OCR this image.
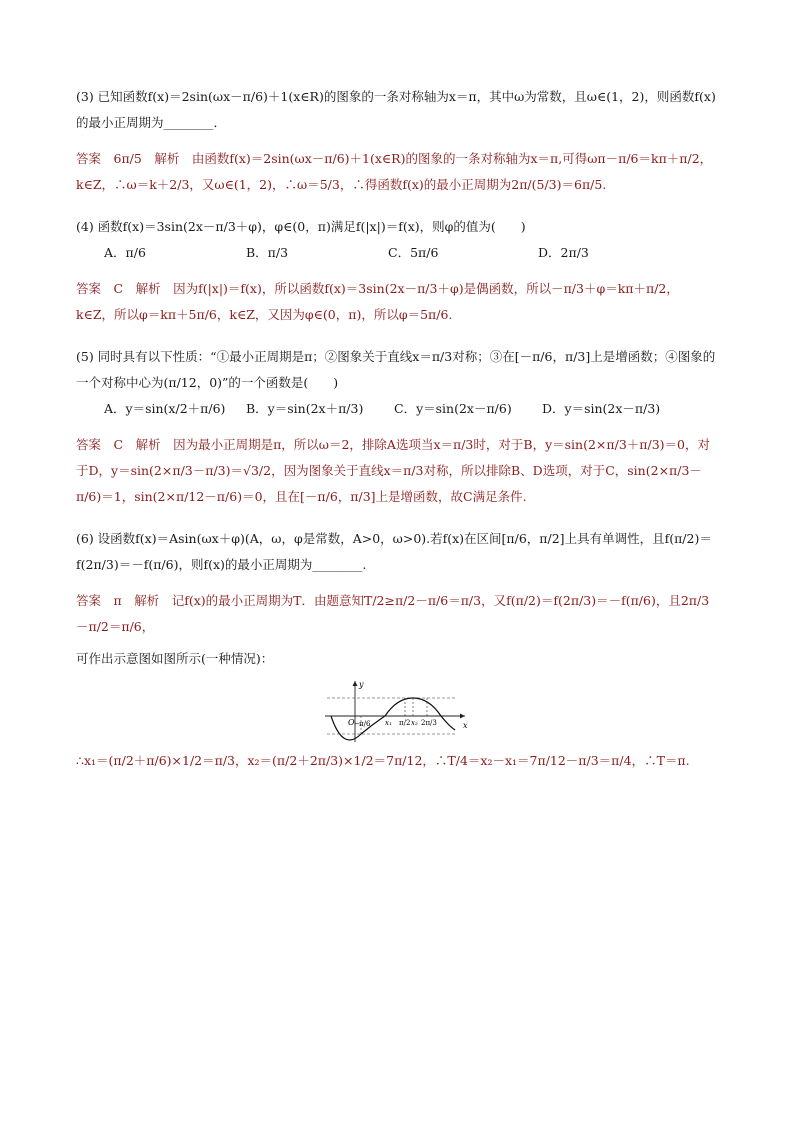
(3) 已知函数f(x)＝2sin(ωx－π/6)＋1(x∈R)的图象的一条对称轴为x＝π，其中ω为常数，且ω∈(1，2)，则函数f(x)的最小正周期为________．

答案　6π/5　解析　由函数f(x)＝2sin(ωx－π/6)＋1(x∈R)的图象的一条对称轴为x＝π,可得ωπ－π/6＝kπ＋π/2，k∈Z，∴ω＝k＋2/3，又ω∈(1，2)，∴ω＝5/3，∴得函数f(x)的最小正周期为2π/(5/3)＝6π/5.

(4) 函数f(x)＝3sin(2x－π/3＋φ)，φ∈(0，π)满足f(|x|)＝f(x)，则φ的值为(　　)

A．π/6	B．π/3	C．5π/6	D．2π/3

答案　C　解析　因为f(|x|)＝f(x)，所以函数f(x)＝3sin(2x－π/3＋φ)是偶函数，所以－π/3＋φ＝kπ＋π/2，k∈Z，所以φ＝kπ＋5π/6，k∈Z，又因为φ∈(0，π)，所以φ＝5π/6.

(5) 同时具有以下性质：“①最小正周期是π；②图象关于直线x＝π/3对称；③在[－π/6，π/3]上是增函数；④图象的一个对称中心为(π/12，0)”的一个函数是(　　)

A．y＝sin(x/2＋π/6)	B．y＝sin(2x＋π/3)	C．y＝sin(2x－π/6)	D．y＝sin(2x－π/3)

答案　C　解析　因为最小正周期是π，所以ω＝2，排除A选项当x＝π/3时，对于B，y＝sin(2×π/3＋π/3)＝0，对于D，y＝sin(2×π/3－π/3)＝√3/2，因为图象关于直线x＝π/3对称，所以排除B、D选项，对于C，sin(2×π/3－π/6)＝1，sin(2×π/12－π/6)＝0，且在[－π/6，π/3]上是增函数，故C满足条件.

(6) 设函数f(x)＝Asin(ωx＋φ)(A，ω，φ是常数，A>0，ω>0).若f(x)在区间[π/6，π/2]上具有单调性，且f(π/2)＝f(2π/3)＝－f(π/6)，则f(x)的最小正周期为________.

答案　π　解析　记f(x)的最小正周期为T．由题意知T/2≥π/2－π/6＝π/3，又f(π/2)＝f(2π/3)＝－f(π/6)，且2π/3－π/2＝π/6，

可作出示意图如图所示(一种情况)：

y
x
O − π/6 x₁ π/2 x₂ 2π/3

∴x₁＝(π/2＋π/6)×1/2＝π/3，x₂＝(π/2＋2π/3)×1/2＝7π/12，∴T/4＝x₂－x₁＝7π/12－π/3＝π/4，∴T＝π.
